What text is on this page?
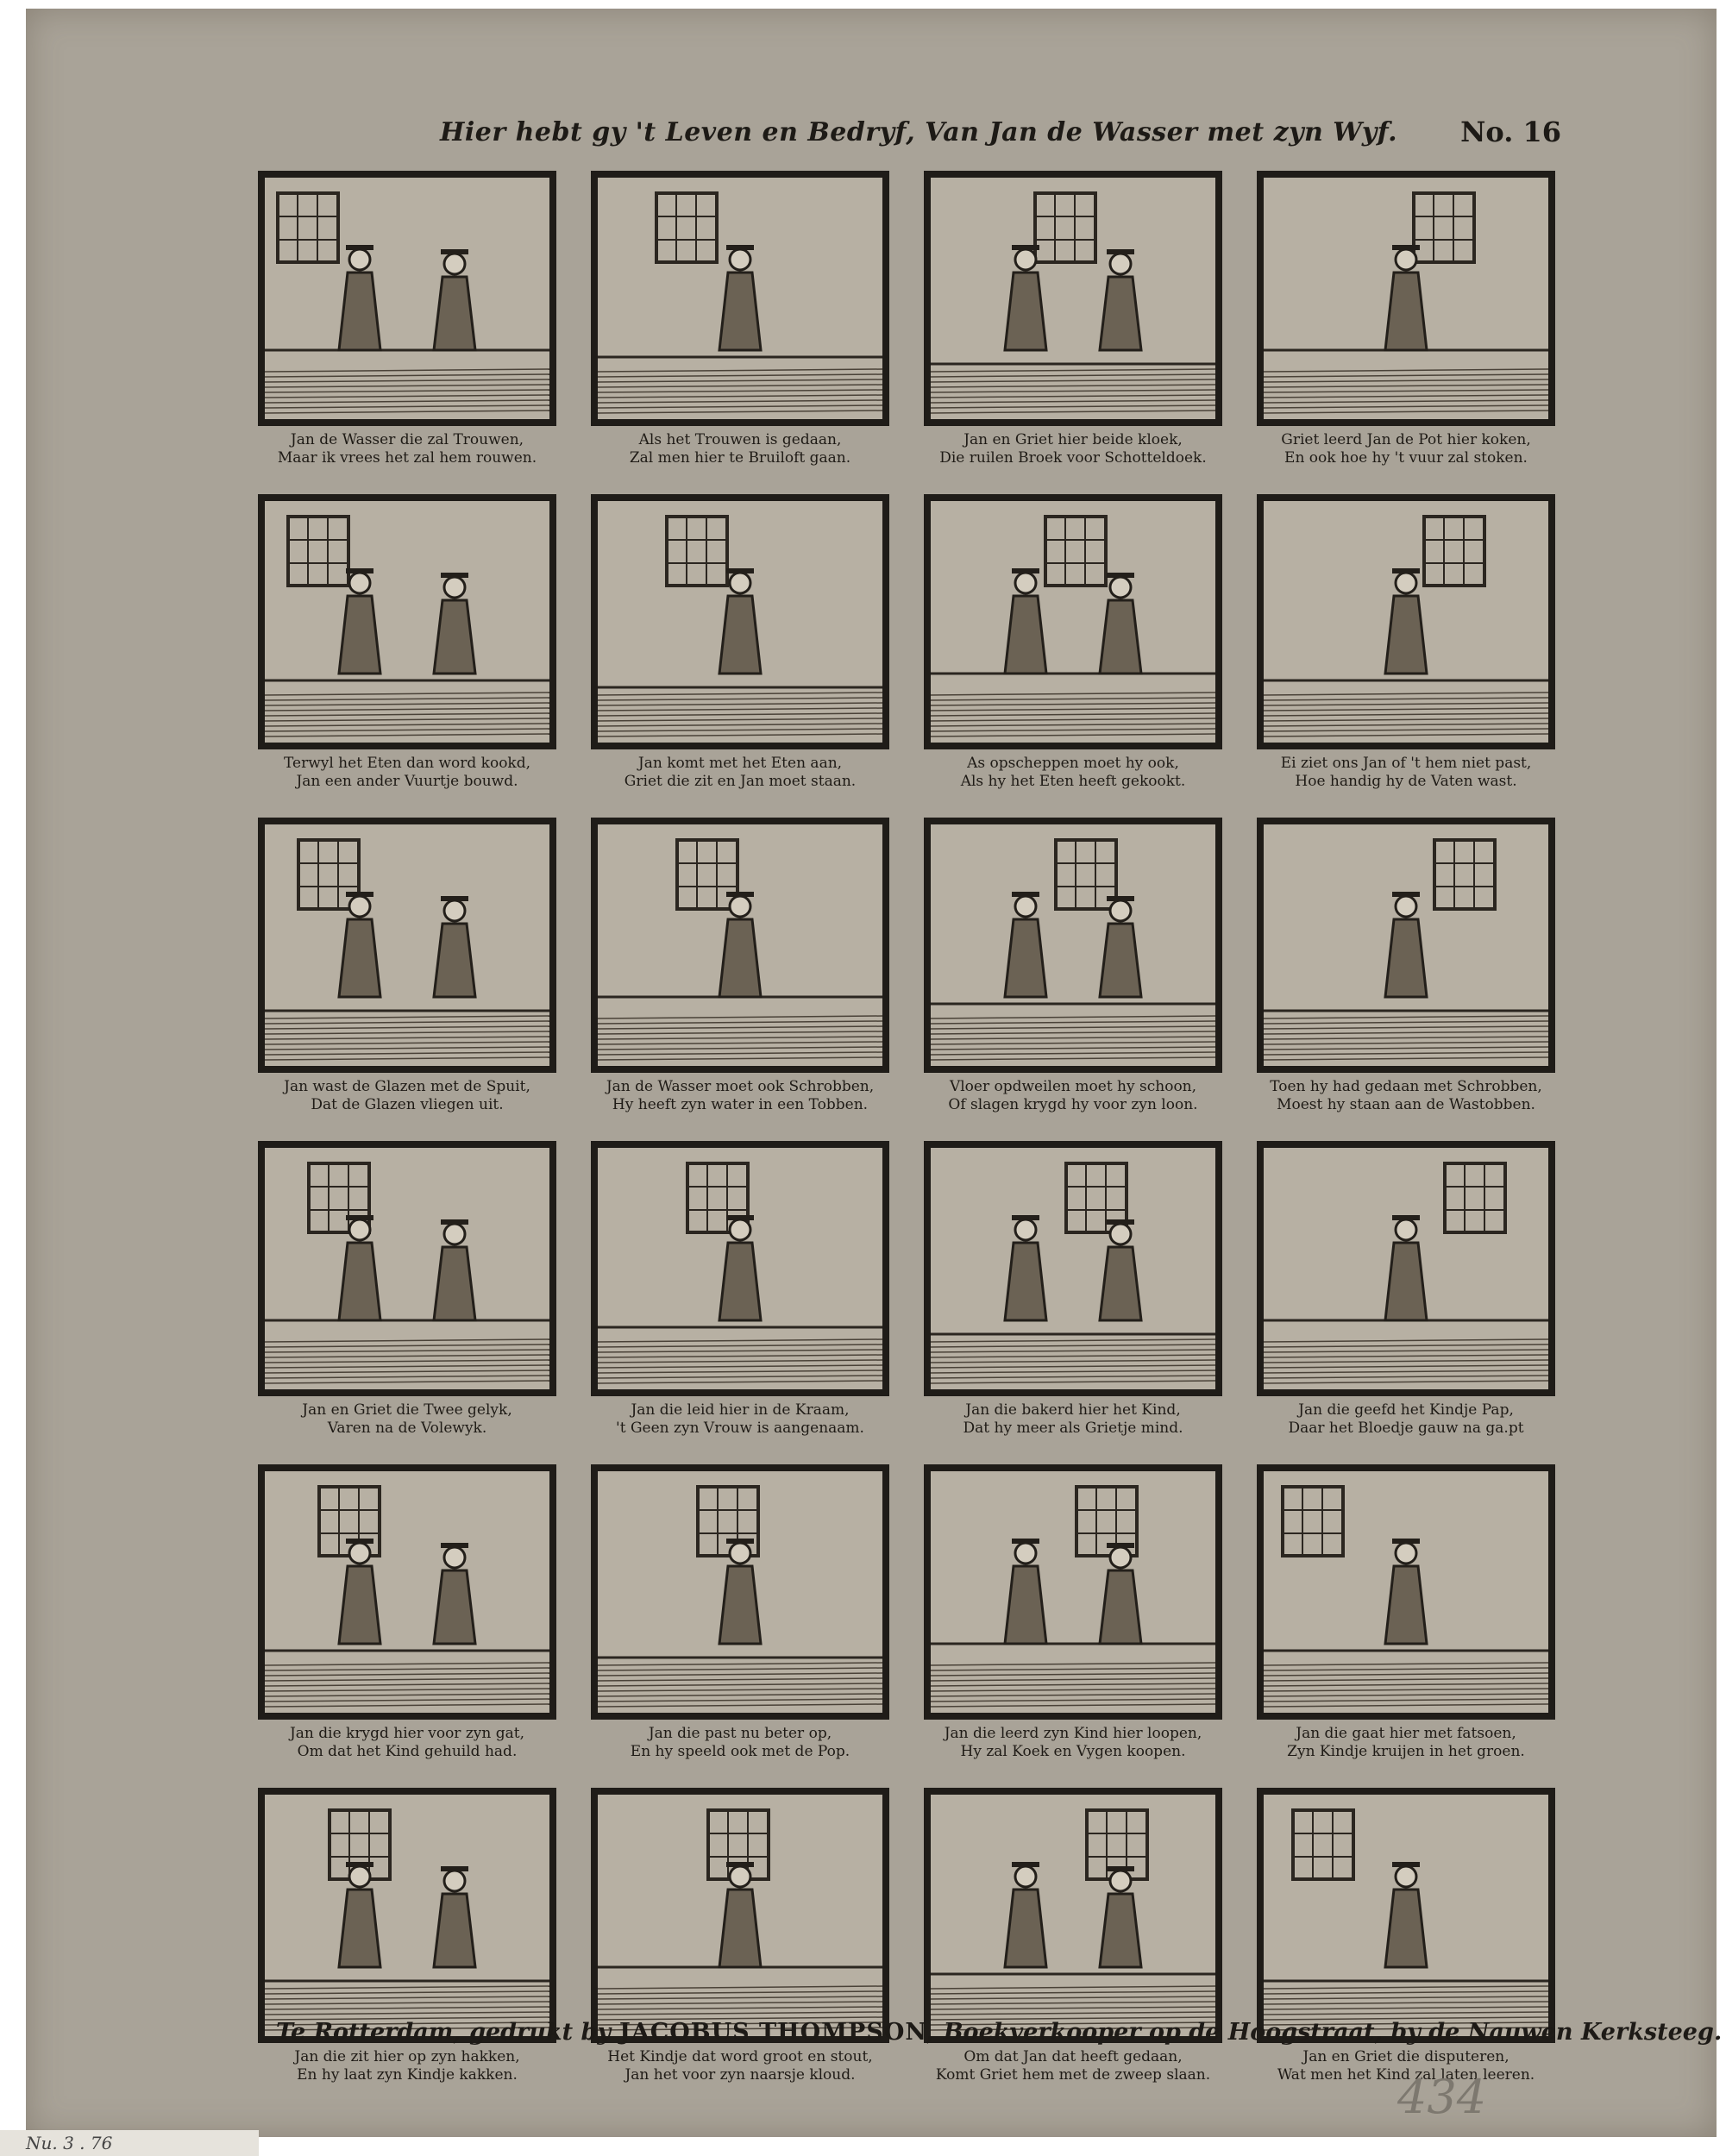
Hier hebt gy 't Leven en Bedryf, Van Jan de Wasser met zyn Wyf. No. 16
Jan de Wasser die zal Trouwen,
Maar ik vrees het zal hem rouwen.
Als het Trouwen is gedaan,
Zal men hier te Bruiloft gaan.
Jan en Griet hier beide kloek,
Die ruilen Broek voor Schotteldoek.
Griet leerd Jan de Pot hier koken,
En ook hoe hy 't vuur zal stoken.
Terwyl het Eten dan word kookd,
Jan een ander Vuurtje bouwd.
Jan komt met het Eten aan,
Griet die zit en Jan moet staan.
As opscheppen moet hy ook,
Als hy het Eten heeft gekookt.
Ei ziet ons Jan of 't hem niet past,
Hoe handig hy de Vaten wast.
Jan wast de Glazen met de Spuit,
Dat de Glazen vliegen uit.
Jan de Wasser moet ook Schrobben,
Hy heeft zyn water in een Tobben.
Vloer opdweilen moet hy schoon,
Of slagen krygd hy voor zyn loon.
Toen hy had gedaan met Schrobben,
Moest hy staan aan de Wastobben.
Jan en Griet die Twee gelyk,
Varen na de Volewyk.
Jan die leid hier in de Kraam,
't Geen zyn Vrouw is aangenaam.
Jan die bakerd hier het Kind,
Dat hy meer als Grietje mind.
Jan die geefd het Kindje Pap,
Daar het Bloedje gauw na ga.pt
Jan die krygd hier voor zyn gat,
Om dat het Kind gehuild had.
Jan die past nu beter op,
En hy speeld ook met de Pop.
Jan die leerd zyn Kind hier loopen,
Hy zal Koek en Vygen koopen.
Jan die gaat hier met fatsoen,
Zyn Kindje kruijen in het groen.
Jan die zit hier op zyn hakken,
En hy laat zyn Kindje kakken.
Het Kindje dat word groot en stout,
Jan het voor zyn naarsje kloud.
Om dat Jan dat heeft gedaan,
Komt Griet hem met de zweep slaan.
Jan en Griet die disputeren,
Wat men het Kind zal laten leeren.
Te Rotterdam, gedrukt by JACOBUS THOMPSON, Boekverkooper op de Hoogstraat, by de Nauwen Kerksteeg.
434
Nu. 3 . 76
